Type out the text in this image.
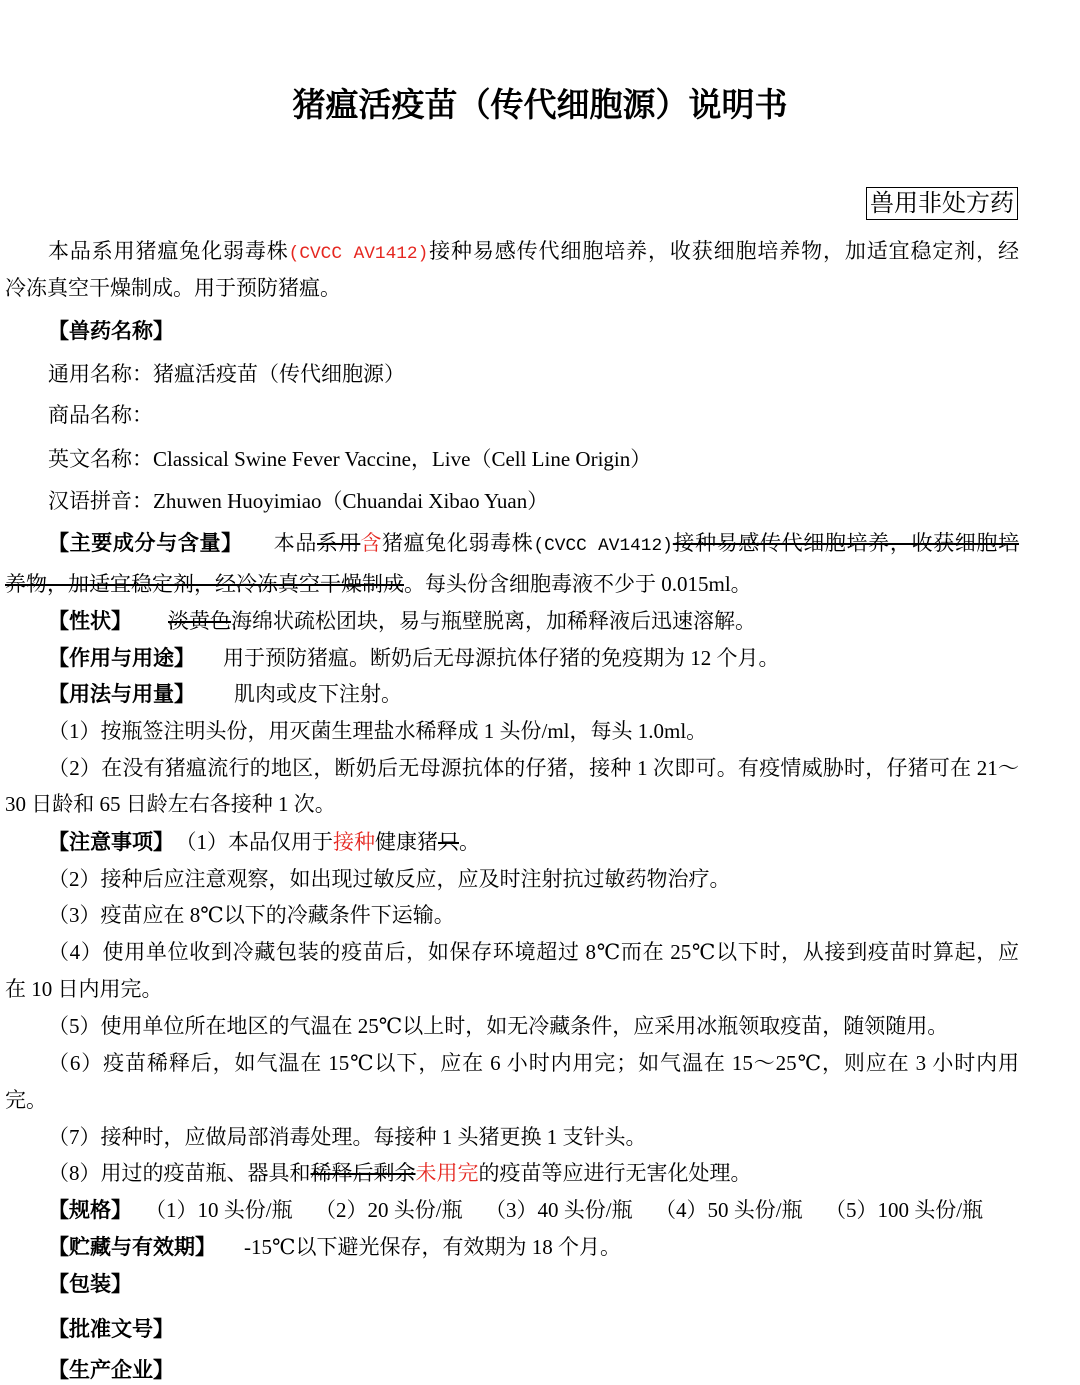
猪瘟活疫苗（传代细胞源）说明书
兽用非处方药
本品系用猪瘟兔化弱毒株(CVCC AV1412)接种易感传代细胞培养，收获细胞培养物，加适宜稳定剂，经
冷冻真空干燥制成。用于预防猪瘟。
【兽药名称】
通用名称：猪瘟活疫苗（传代细胞源）
商品名称：
英文名称：Classical Swine Fever Vaccine，Live（Cell Line Origin）
汉语拼音：Zhuwen Huoyimiao（Chuandai Xibao Yuan）
【主要成分与含量】 本品系用含猪瘟兔化弱毒株(CVCC AV1412)接种易感传代细胞培养，收获细胞培
养物，加适宜稳定剂，经冷冻真空干燥制成。每头份含细胞毒液不少于 0.015ml。
【性状】 淡黄色海绵状疏松团块，易与瓶壁脱离，加稀释液后迅速溶解。
【作用与用途】 用于预防猪瘟。断奶后无母源抗体仔猪的免疫期为 12 个月。
【用法与用量】 肌肉或皮下注射。
（1）按瓶签注明头份，用灭菌生理盐水稀释成 1 头份/ml，每头 1.0ml。
（2）在没有猪瘟流行的地区，断奶后无母源抗体的仔猪，接种 1 次即可。有疫情威胁时，仔猪可在 21～
30 日龄和 65 日龄左右各接种 1 次。
【注意事项】 （1）本品仅用于接种健康猪只。
（2）接种后应注意观察，如出现过敏反应，应及时注射抗过敏药物治疗。
（3）疫苗应在 8℃以下的冷藏条件下运输。
（4）使用单位收到冷藏包装的疫苗后，如保存环境超过 8℃而在 25℃以下时，从接到疫苗时算起，应
在 10 日内用完。
（5）使用单位所在地区的气温在 25℃以上时，如无冷藏条件，应采用冰瓶领取疫苗，随领随用。
（6）疫苗稀释后，如气温在 15℃以下，应在 6 小时内用完；如气温在 15～25℃，则应在 3 小时内用
完。
（7）接种时，应做局部消毒处理。每接种 1 头猪更换 1 支针头。
（8）用过的疫苗瓶、器具和稀释后剩余未用完的疫苗等应进行无害化处理。
【规格】 （1）10 头份/瓶 （2）20 头份/瓶 （3）40 头份/瓶 （4）50 头份/瓶 （5）100 头份/瓶
【贮藏与有效期】 -15℃以下避光保存，有效期为 18 个月。
【包装】
【批准文号】
【生产企业】
